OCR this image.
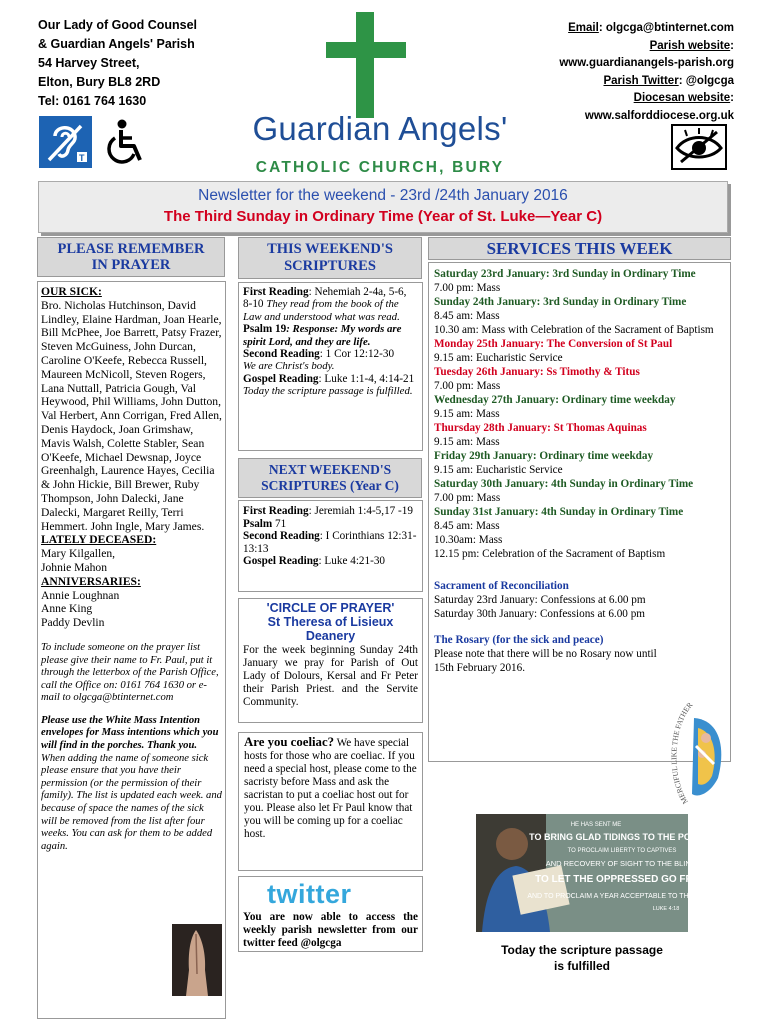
Our Lady of Good Counsel
& Guardian Angels' Parish
54 Harvey Street,
Elton, Bury BL8 2RD
Tel: 0161 764 1630
Email: olgcga@btinternet.com
Parish website:
www.guardianangels-parish.org
Parish Twitter: @olgcga
Diocesan website:
www.salforddiocese.org.uk
Guardian Angels'
CATHOLIC CHURCH, BURY
T
Newsletter for the weekend - 23rd /24th January 2016
The Third Sunday in Ordinary Time (Year of St. Luke—Year C)
PLEASE REMEMBER
IN PRAYER
OUR SICK:
Bro. Nicholas Hutchinson, David Lindley, Elaine Hardman, Joan Hearle, Bill McPhee, Joe Barrett, Patsy Frazer, Steven McGuiness, John Durcan, Caroline O'Keefe, Rebecca Russell, Maureen McNicoll, Steven Rogers, Lana Nuttall, Patricia Gough, Val Heywood, Phil Williams, John Dutton, Val Herbert, Ann Corrigan, Fred Allen, Denis Haydock, Joan Grimshaw, Mavis Walsh, Colette Stabler, Sean O'Keefe, Michael Dewsnap, Joyce Greenhalgh, Laurence Hayes, Cecilia & John Hickie, Bill Brewer, Ruby Thompson, John Dalecki, Jane Dalecki, Margaret Reilly, Terri Hemmert. John Ingle, Mary James.
LATELY DECEASED:
Mary Kilgallen,
Johnie Mahon
ANNIVERSARIES:
Annie Loughnan
Anne King
Paddy Devlin
To include someone on the prayer list please give their name to Fr. Paul, put it through the letterbox of the Parish Office, call the Office on: 0161 764 1630 or e-mail to olgcga@btinternet.com
Please use the White Mass Intention envelopes for Mass intentions which you will find in the porches. Thank you. When adding the name of someone sick please ensure that you have their permission (or the permission of their family). The list is updated each week. and because of space the names of the sick will be removed from the list after four weeks. You can ask for them to be added again.
THIS WEEKEND'S
SCRIPTURES
First Reading: Nehemiah 2-4a, 5-6, 8-10 They read from the book of the Law and understood what was read.
Psalm 19: Response: My words are spirit Lord, and they are life.
Second Reading: 1 Cor 12:12-30
We are Christ's body.
Gospel Reading: Luke 1:1-4, 4:14-21 Today the scripture passage is fulfilled.
NEXT WEEKEND'S
SCRIPTURES (Year C)
First Reading: Jeremiah 1:4-5,17 -19
Psalm 71
Second Reading: I Corinthians 12:31-13:13
Gospel Reading: Luke 4:21-30
'CIRCLE OF PRAYER'
St Theresa of Lisieux
Deanery
For the week beginning Sunday 24th January we pray for Parish of Out Lady of Dolours, Kersal and Fr Peter their Parish Priest. and the Servite Community.
Are you coeliac? We have special hosts for those who are coeliac. If you need a special host, please come to the sacristy before Mass and ask the sacristan to put a coeliac host out for you. Please also let Fr Paul know that you will be coming up for a coeliac host.
twitter
You are now able to access the weekly parish newsletter from our twitter feed @olgcga
SERVICES THIS WEEK
Saturday 23rd January: 3rd Sunday in Ordinary Time
7.00 pm: Mass
Sunday 24th January: 3rd Sunday in Ordinary Time
8.45 am: Mass
10.30 am: Mass with Celebration of the Sacrament of Baptism
Monday 25th January: The Conversion of St Paul
9.15 am: Eucharistic Service
Tuesday 26th January: Ss Timothy & Titus
7.00 pm: Mass
Wednesday 27th January: Ordinary time weekday
9.15 am: Mass
Thursday 28th January: St Thomas Aquinas
9.15 am: Mass
Friday 29th January: Ordinary time weekday
9.15 am: Eucharistic Service
Saturday 30th January: 4th Sunday in Ordinary Time
7.00 pm: Mass
Sunday 31st January: 4th Sunday in Ordinary Time
8.45 am: Mass
10.30am: Mass
12.15 pm: Celebration of the Sacrament of Baptism
Sacrament of Reconciliation
Saturday 23rd January: Confessions at 6.00 pm
Saturday 30th January: Confessions at 6.00 pm
The Rosary (for the sick and peace)
Please note that there will be no Rosary now until 15th February 2016.
MERCIFUL LIKE THE FATHER
HE HAS SENT ME
TO BRING GLAD TIDINGS TO THE POOR,
TO PROCLAIM LIBERTY TO CAPTIVES
AND RECOVERY OF SIGHT TO THE BLIND,
TO LET THE OPPRESSED GO FREE,
AND TO PROCLAIM A YEAR ACCEPTABLE TO THE LORD.
LUKE 4:18
Today the scripture passage
is fulfilled
